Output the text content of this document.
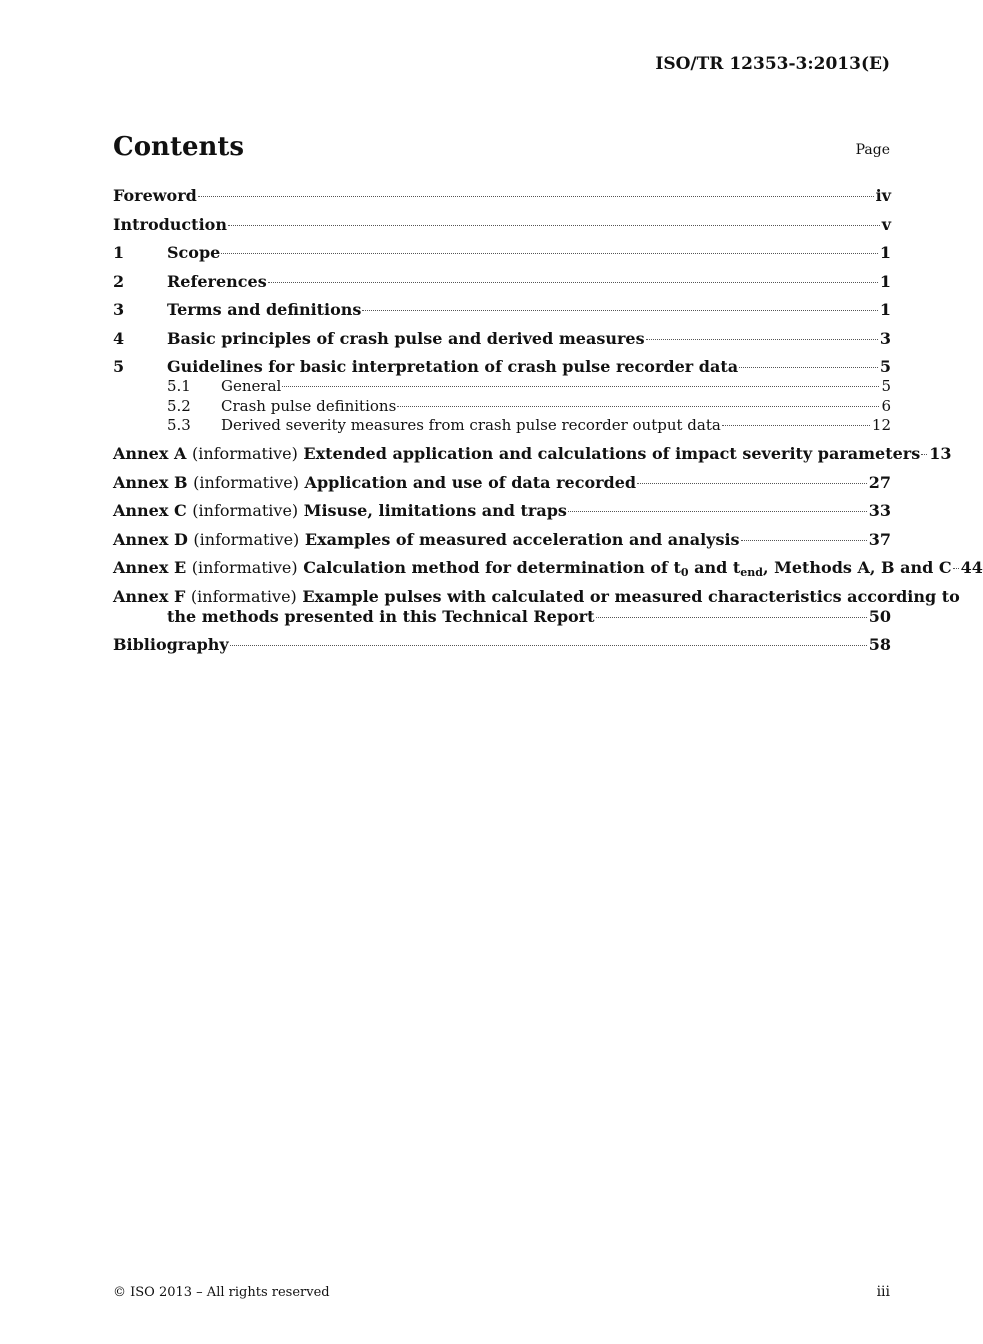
ISO/TR 12353-3:2013(E)
Contents	Page
Foreword	iv
Introduction	v
1	Scope	1
2	References	1
3	Terms and definitions	1
4	Basic principles of crash pulse and derived measures	3
5	Guidelines for basic interpretation of crash pulse recorder data	5
5.1	General	5
5.2	Crash pulse definitions	6
5.3	Derived severity measures from crash pulse recorder output data	12
Annex A (informative) Extended application and calculations of impact severity parameters 13
Annex B (informative) Application and use of data recorded	27
Annex C (informative) Misuse, limitations and traps	33
Annex D (informative) Examples of measured acceleration and analysis	37
Annex E (informative) Calculation method for determination of $t_0$ and $t_{end}$, Methods A, B and C 44
Annex F (informative) Example pulses with calculated or measured characteristics according to
the methods presented in this Technical Report	50
Bibliography	58
© ISO 2013 – All rights reserved	iii
